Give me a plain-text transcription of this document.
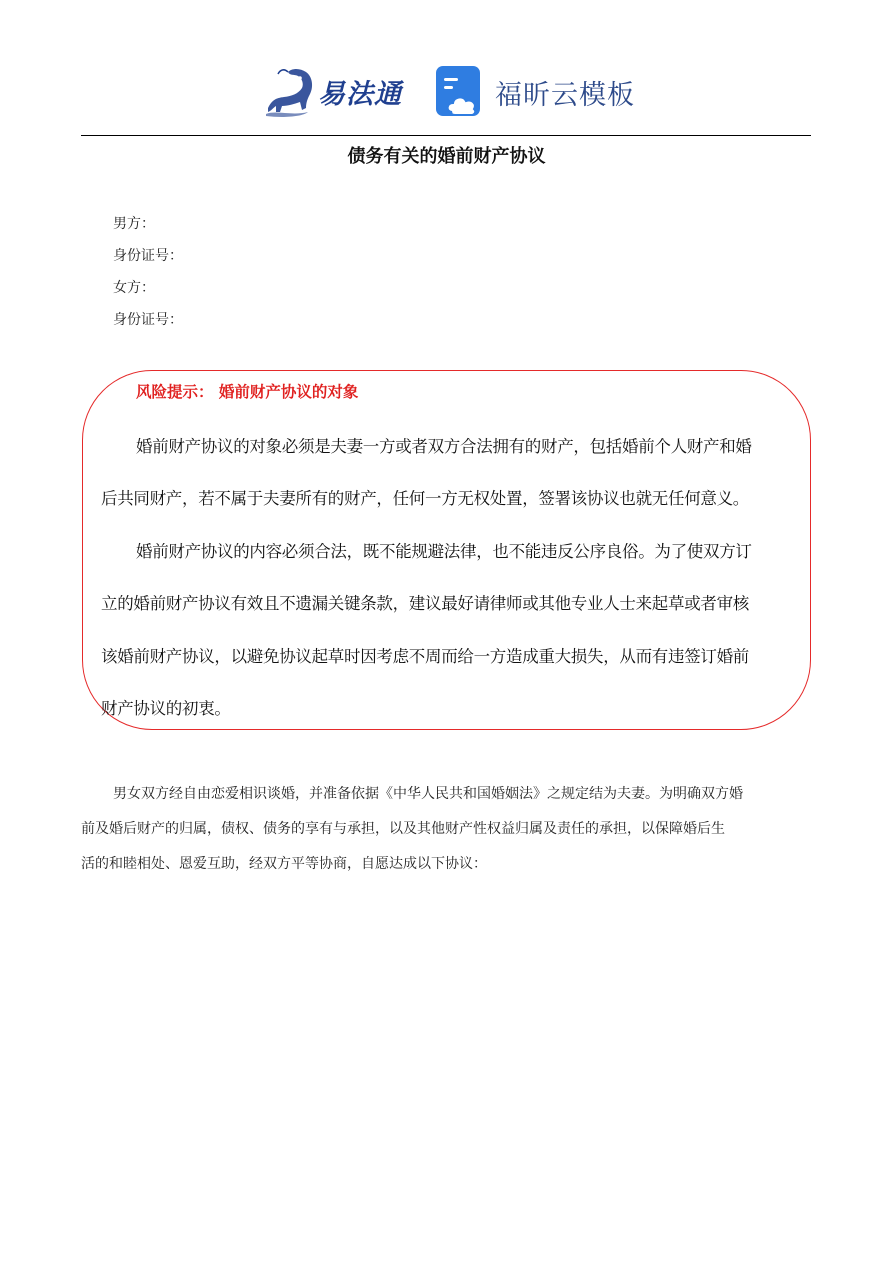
易法通	福昕云模板
债务有关的婚前财产协议
男方：
身份证号：
女方：
身份证号：
风险提示： 婚前财产协议的对象
婚前财产协议的对象必须是夫妻一方或者双方合法拥有的财产，包括婚前个人财产和婚
后共同财产，若不属于夫妻所有的财产，任何一方无权处置，签署该协议也就无任何意义。
婚前财产协议的内容必须合法，既不能规避法律，也不能违反公序良俗。为了使双方订
立的婚前财产协议有效且不遗漏关键条款，建议最好请律师或其他专业人士来起草或者审核
该婚前财产协议，以避免协议起草时因考虑不周而给一方造成重大损失，从而有违签订婚前
财产协议的初衷。
男女双方经自由恋爱相识谈婚，并准备依据《中华人民共和国婚姻法》之规定结为夫妻。为明确双方婚
前及婚后财产的归属，债权、债务的享有与承担，以及其他财产性权益归属及责任的承担，以保障婚后生
活的和睦相处、恩爱互助，经双方平等协商，自愿达成以下协议：
